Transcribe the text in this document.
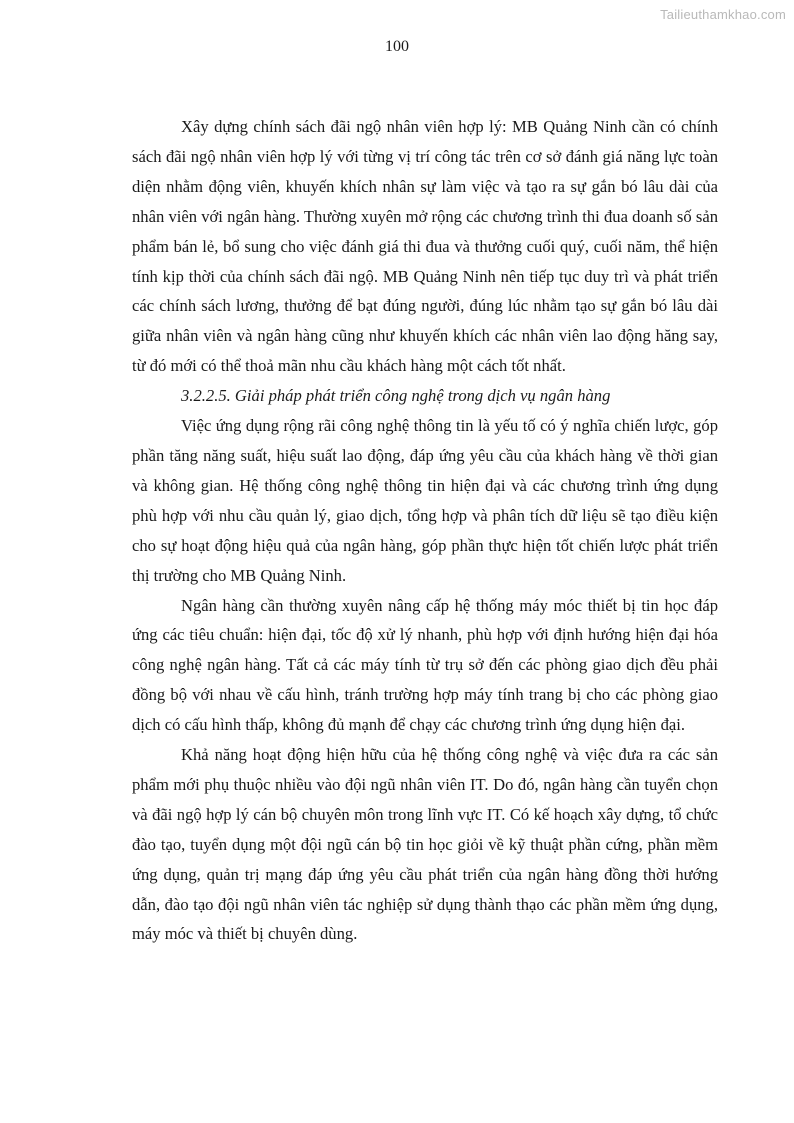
Tailieuthamkhao.com
100

Xây dựng chính sách đãi ngộ nhân viên hợp lý: MB Quảng Ninh cần có chính sách đãi ngộ nhân viên hợp lý với từng vị trí công tác trên cơ sở đánh giá năng lực toàn diện nhằm động viên, khuyến khích nhân sự làm việc và tạo ra sự gắn bó lâu dài của nhân viên với ngân hàng. Thường xuyên mở rộng các chương trình thi đua doanh số sản phẩm bán lẻ, bổ sung cho việc đánh giá thi đua và thưởng cuối quý, cuối năm, thể hiện tính kịp thời của chính sách đãi ngộ. MB Quảng Ninh nên tiếp tục duy trì và phát triển các chính sách lương, thưởng để bạt đúng người, đúng lúc nhằm tạo sự gắn bó lâu dài giữa nhân viên và ngân hàng cũng như khuyến khích các nhân viên lao động hăng say, từ đó mới có thể thoả mãn nhu cầu khách hàng một cách tốt nhất.

3.2.2.5. Giải pháp phát triển công nghệ trong dịch vụ ngân hàng

Việc ứng dụng rộng rãi công nghệ thông tin là yếu tố có ý nghĩa chiến lược, góp phần tăng năng suất, hiệu suất lao động, đáp ứng yêu cầu của khách hàng về thời gian và không gian. Hệ thống công nghệ thông tin hiện đại và các chương trình ứng dụng phù hợp với nhu cầu quản lý, giao dịch, tổng hợp và phân tích dữ liệu sẽ tạo điều kiện cho sự hoạt động hiệu quả của ngân hàng, góp phần thực hiện tốt chiến lược phát triển thị trường cho MB Quảng Ninh.

Ngân hàng cần thường xuyên nâng cấp hệ thống máy móc thiết bị tin học đáp ứng các tiêu chuẩn: hiện đại, tốc độ xử lý nhanh, phù hợp với định hướng hiện đại hóa công nghệ ngân hàng. Tất cả các máy tính từ trụ sở đến các phòng giao dịch đều phải đồng bộ với nhau về cấu hình, tránh trường hợp máy tính trang bị cho các phòng giao dịch có cấu hình thấp, không đủ mạnh để chạy các chương trình ứng dụng hiện đại.

Khả năng hoạt động hiện hữu của hệ thống công nghệ và việc đưa ra các sản phẩm mới phụ thuộc nhiều vào đội ngũ nhân viên IT. Do đó, ngân hàng cần tuyển chọn và đãi ngộ hợp lý cán bộ chuyên môn trong lĩnh vực IT. Có kế hoạch xây dựng, tổ chức đào tạo, tuyển dụng một đội ngũ cán bộ tin học giỏi về kỹ thuật phần cứng, phần mềm ứng dụng, quản trị mạng đáp ứng yêu cầu phát triển của ngân hàng đồng thời hướng dẫn, đào tạo đội ngũ nhân viên tác nghiệp sử dụng thành thạo các phần mềm ứng dụng, máy móc và thiết bị chuyên dùng.
